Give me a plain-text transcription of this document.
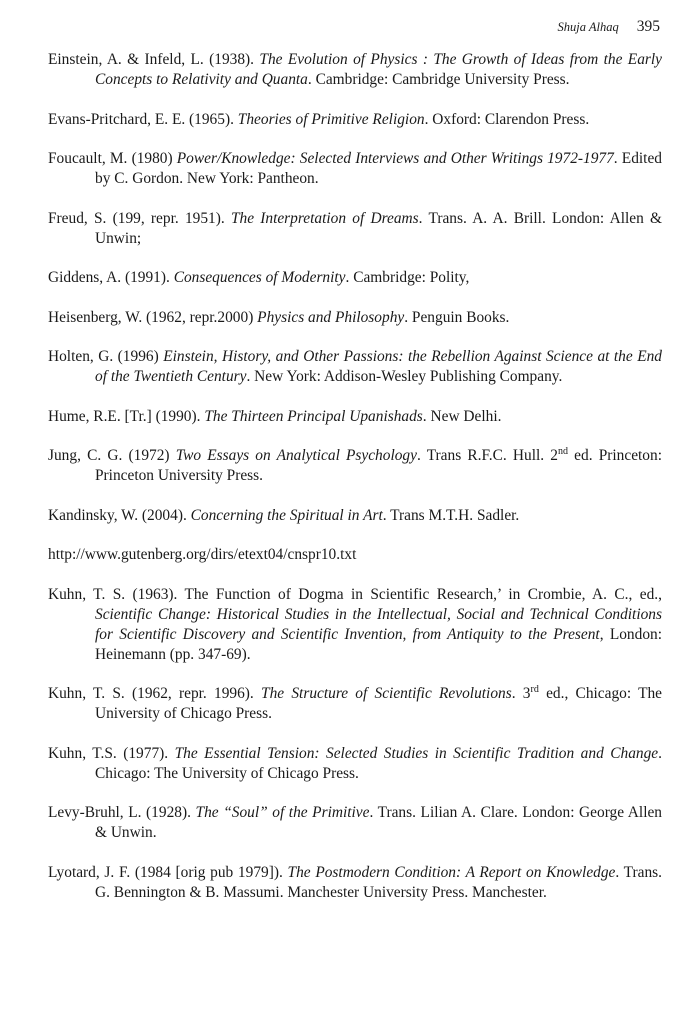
Shuja Alhaq 395

Einstein, A. & Infeld, L. (1938). The Evolution of Physics : The Growth of Ideas from the Early Concepts to Relativity and Quanta. Cambridge: Cambridge University Press.

Evans-Pritchard, E. E. (1965). Theories of Primitive Religion. Oxford: Clarendon Press.

Foucault, M. (1980) Power/Knowledge: Selected Interviews and Other Writings 1972-1977. Edited by C. Gordon. New York: Pantheon.

Freud, S. (199, repr. 1951). The Interpretation of Dreams. Trans. A. A. Brill. London: Allen & Unwin;

Giddens, A. (1991). Consequences of Modernity. Cambridge: Polity,

Heisenberg, W. (1962, repr.2000) Physics and Philosophy. Penguin Books.

Holten, G. (1996) Einstein, History, and Other Passions: the Rebellion Against Science at the End of the Twentieth Century. New York: Addison-Wesley Publishing Company.

Hume, R.E. [Tr.] (1990). The Thirteen Principal Upanishads. New Delhi.

Jung, C. G. (1972) Two Essays on Analytical Psychology. Trans R.F.C. Hull. 2nd ed. Princeton: Princeton University Press.

Kandinsky, W. (2004). Concerning the Spiritual in Art. Trans M.T.H. Sadler.

http://www.gutenberg.org/dirs/etext04/cnspr10.txt

Kuhn, T. S. (1963). The Function of Dogma in Scientific Research,’ in Crombie, A. C., ed., Scientific Change: Historical Studies in the Intellectual, Social and Technical Conditions for Scientific Discovery and Scientific Invention, from Antiquity to the Present, London: Heinemann (pp. 347-69).

Kuhn, T. S. (1962, repr. 1996). The Structure of Scientific Revolutions. 3rd ed., Chicago: The University of Chicago Press.

Kuhn, T.S. (1977). The Essential Tension: Selected Studies in Scientific Tradition and Change. Chicago: The University of Chicago Press.

Levy-Bruhl, L. (1928). The “Soul” of the Primitive. Trans. Lilian A. Clare. London: George Allen & Unwin.

Lyotard, J. F. (1984 [orig pub 1979]). The Postmodern Condition: A Report on Knowledge. Trans. G. Bennington & B. Massumi. Manchester University Press. Manchester.
